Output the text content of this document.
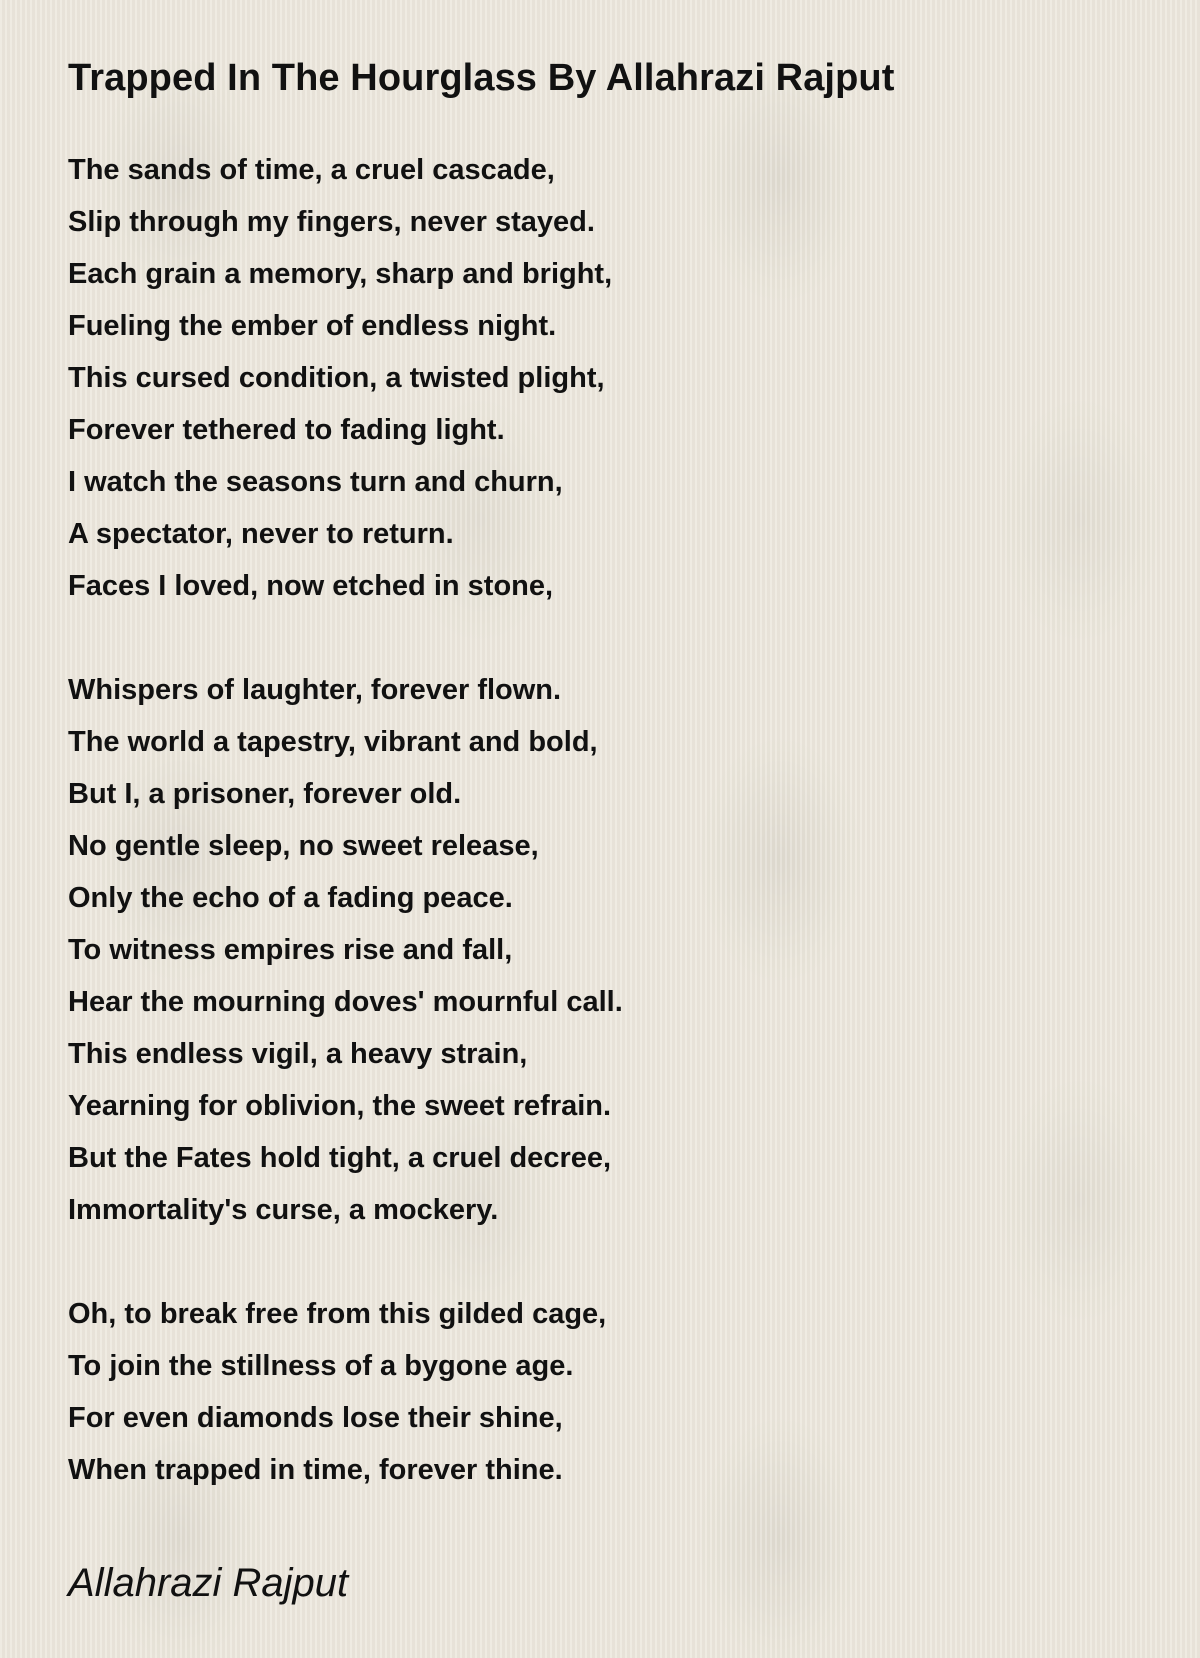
Trapped In The Hourglass By Allahrazi Rajput
The sands of time, a cruel cascade,
Slip through my fingers, never stayed.
Each grain a memory, sharp and bright,
Fueling the ember of endless night.
This cursed condition, a twisted plight,
Forever tethered to fading light.
I watch the seasons turn and churn,
A spectator, never to return.
Faces I loved, now etched in stone,
Whispers of laughter, forever flown.
The world a tapestry, vibrant and bold,
But I, a prisoner, forever old.
No gentle sleep, no sweet release,
Only the echo of a fading peace.
To witness empires rise and fall,
Hear the mourning doves' mournful call.
This endless vigil, a heavy strain,
Yearning for oblivion, the sweet refrain.
But the Fates hold tight, a cruel decree,
Immortality's curse, a mockery.
Oh, to break free from this gilded cage,
To join the stillness of a bygone age.
For even diamonds lose their shine,
When trapped in time, forever thine.
Allahrazi Rajput
